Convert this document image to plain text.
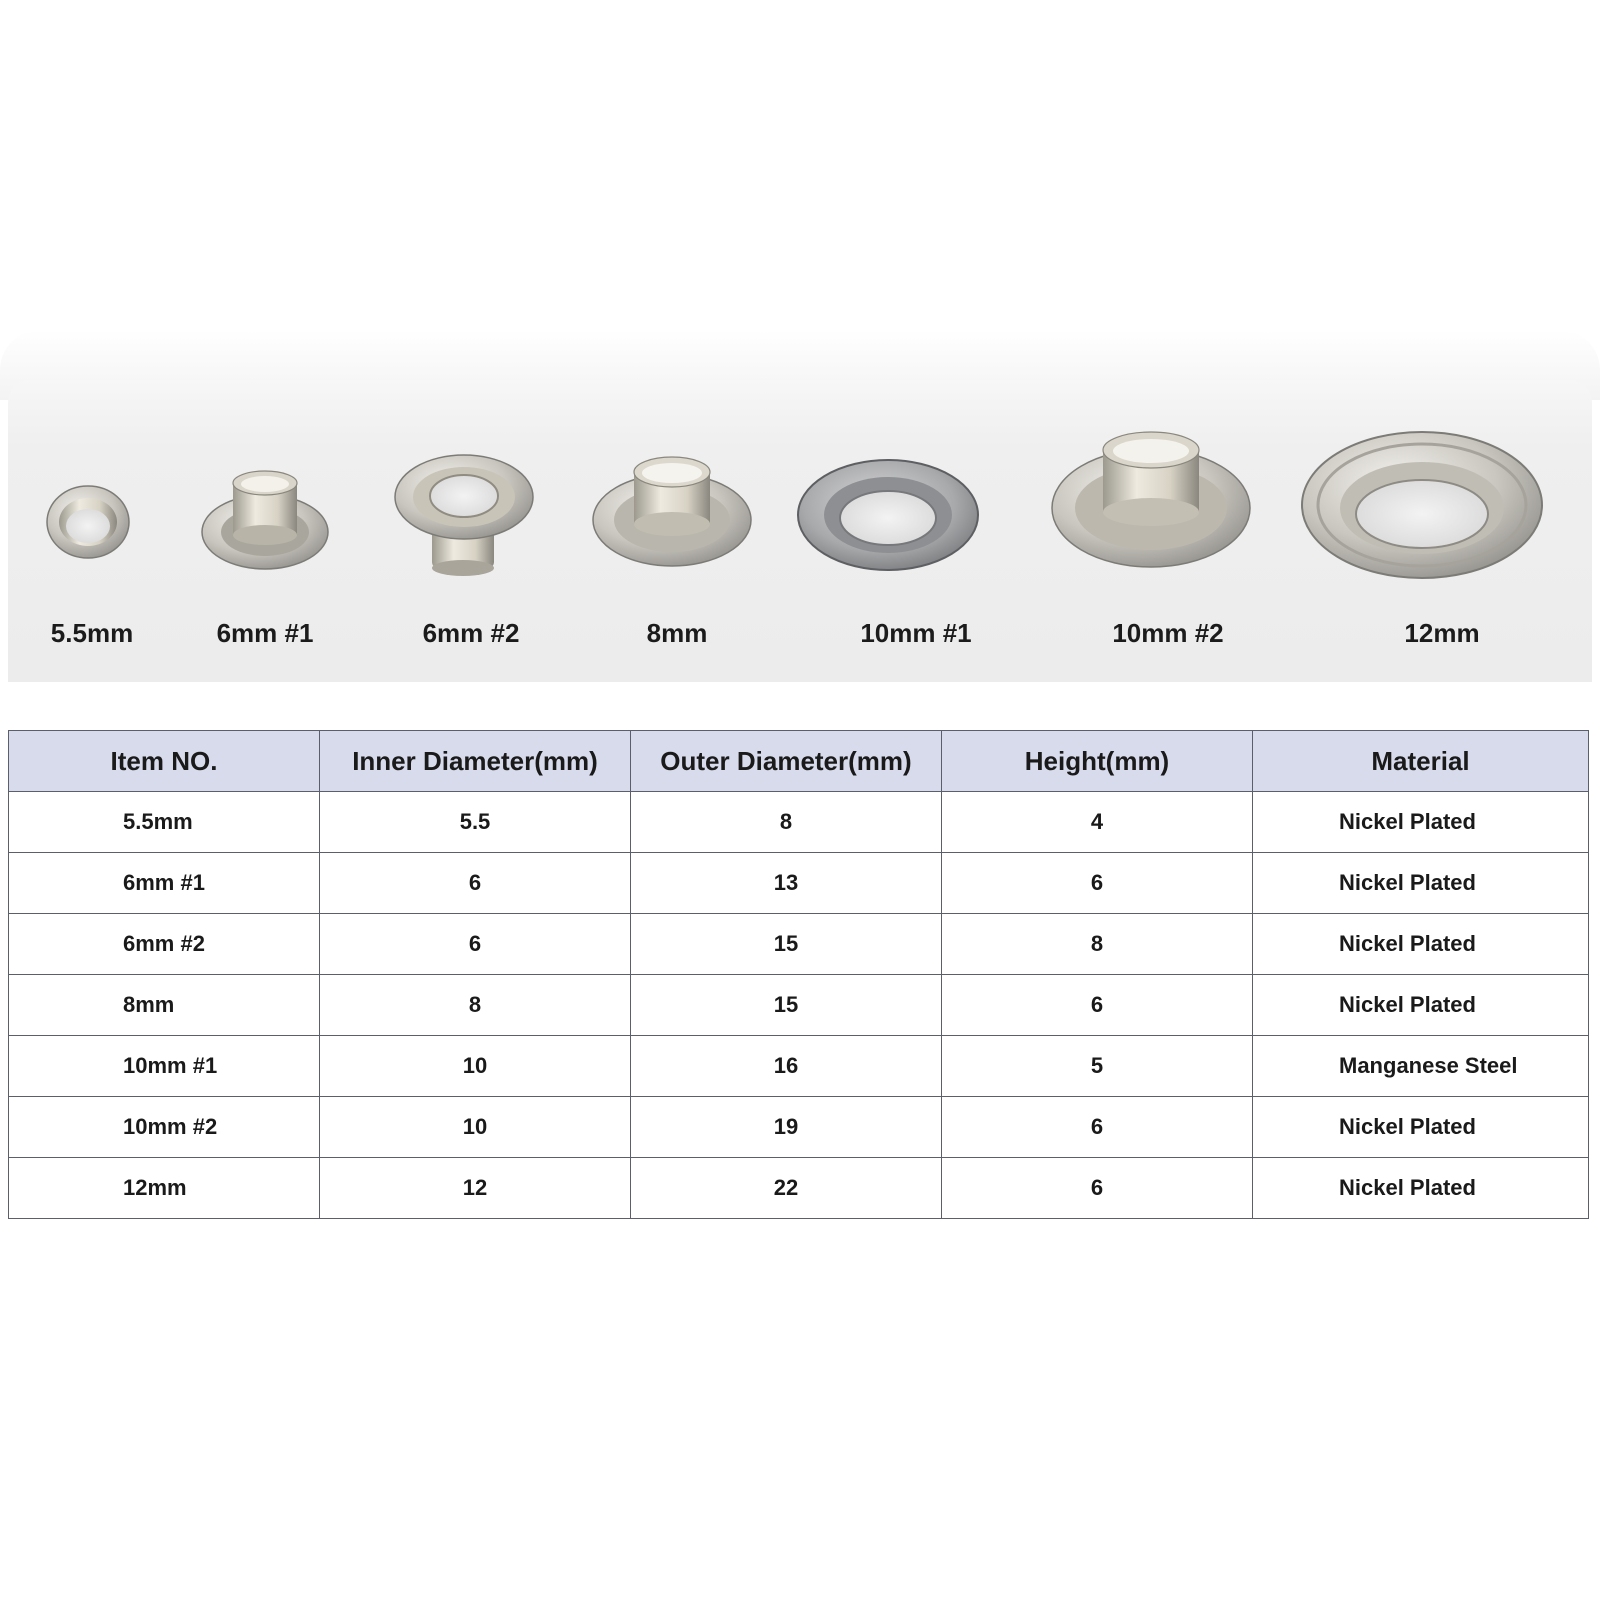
5.5mm	6mm #1	6mm #2	8mm	10mm #1	10mm #2	12mm
Item NO.	Inner Diameter(mm)	Outer Diameter(mm)	Height(mm)	Material
5.5mm	5.5	8	4	Nickel Plated
6mm #1	6	13	6	Nickel Plated
6mm #2	6	15	8	Nickel Plated
8mm	8	15	6	Nickel Plated
10mm #1	10	16	5	Manganese Steel
10mm #2	10	19	6	Nickel Plated
12mm	12	22	6	Nickel Plated
